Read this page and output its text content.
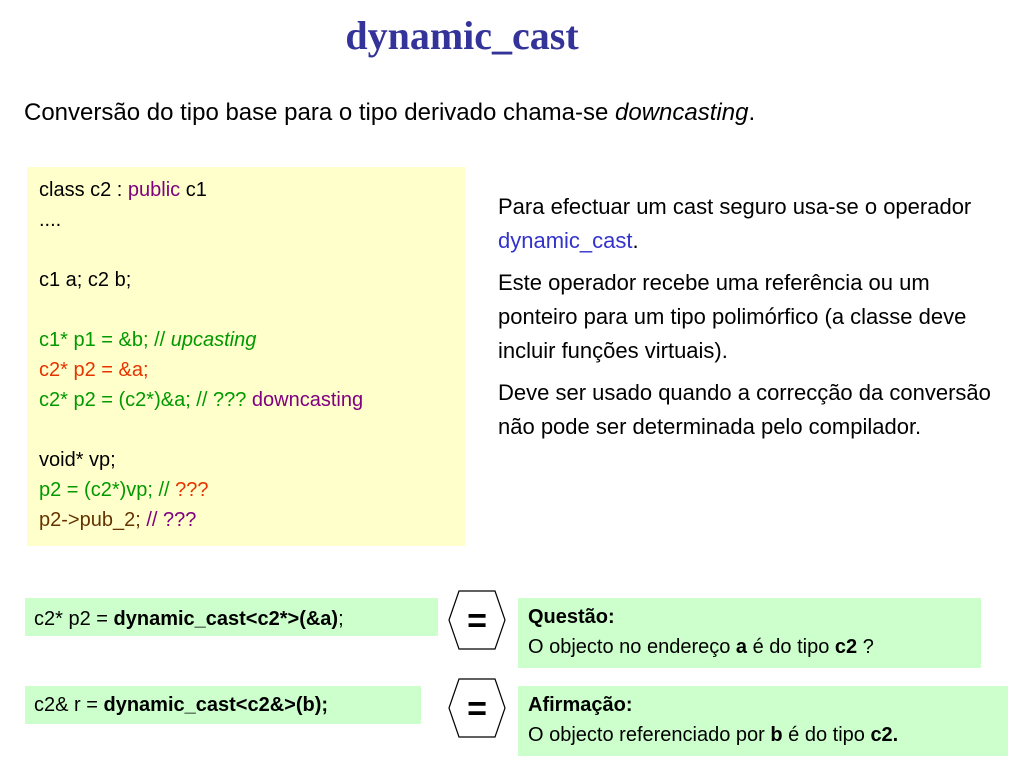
dynamic_cast
Conversão do tipo base para o tipo derivado chama-se downcasting.
class c2 : public c1
....
c1 a; c2 b;
c1* p1 = &b; // upcasting
c2* p2 = &a;
c2* p2 = (c2*)&a; // ??? downcasting
void* vp;
p2 = (c2*)vp; // ???
p2->pub_2; // ???
Para efectuar um cast seguro usa-se o operador dynamic_cast.
Este operador recebe uma referência ou um ponteiro para um tipo polimórfico (a classe deve incluir funções virtuais).
Deve ser usado quando a correcção da conversão não pode ser determinada pelo compilador.
c2* p2 = dynamic_cast<c2*>(&a);	= Questão:
O objecto no endereço a é do tipo c2 ?
c2& r = dynamic_cast<c2&>(b);	= Afirmação:
O objecto referenciado por b é do tipo c2.
